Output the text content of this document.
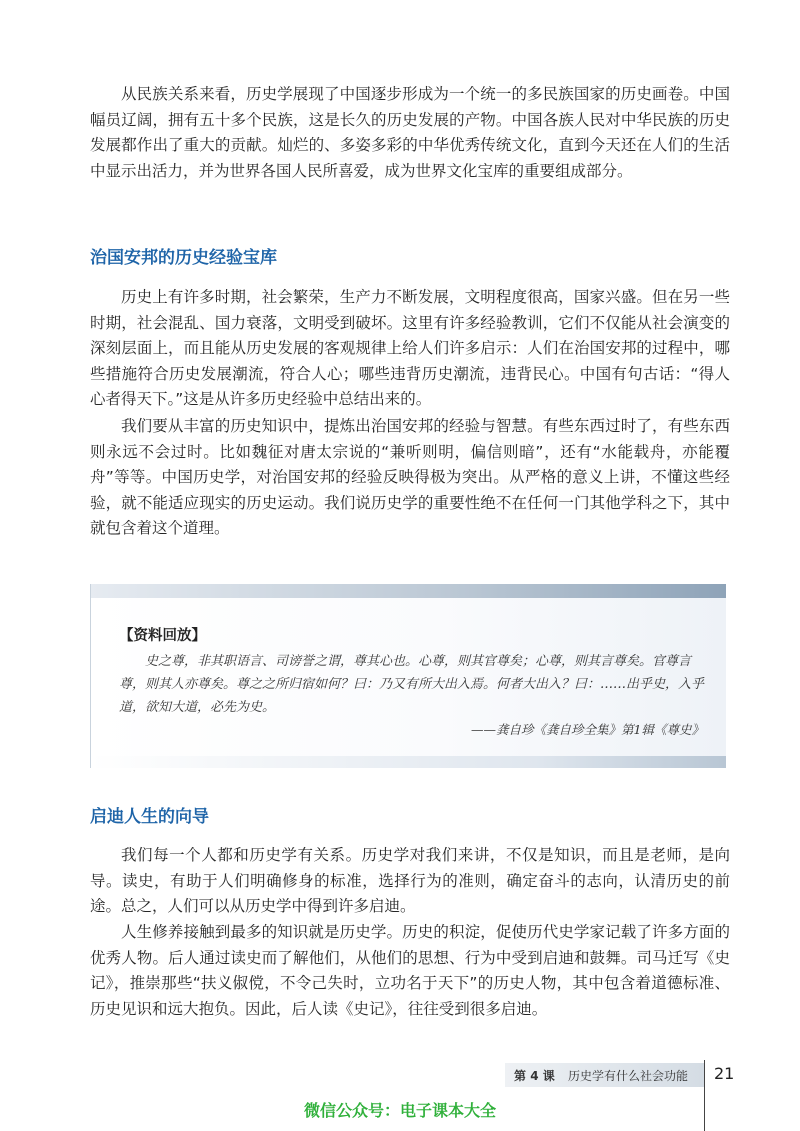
从民族关系来看，历史学展现了中国逐步形成为一个统一的多民族国家的历史画卷。中国幅员辽阔，拥有五十多个民族，这是长久的历史发展的产物。中国各族人民对中华民族的历史发展都作出了重大的贡献。灿烂的、多姿多彩的中华优秀传统文化，直到今天还在人们的生活中显示出活力，并为世界各国人民所喜爱，成为世界文化宝库的重要组成部分。

治国安邦的历史经验宝库

历史上有许多时期，社会繁荣，生产力不断发展，文明程度很高，国家兴盛。但在另一些时期，社会混乱、国力衰落，文明受到破坏。这里有许多经验教训，它们不仅能从社会演变的深刻层面上，而且能从历史发展的客观规律上给人们许多启示：人们在治国安邦的过程中，哪些措施符合历史发展潮流，符合人心；哪些违背历史潮流，违背民心。中国有句古话：“得人心者得天下。”这是从许多历史经验中总结出来的。

我们要从丰富的历史知识中，提炼出治国安邦的经验与智慧。有些东西过时了，有些东西则永远不会过时。比如魏征对唐太宗说的“兼听则明，偏信则暗”，还有“水能载舟，亦能覆舟”等等。中国历史学，对治国安邦的经验反映得极为突出。从严格的意义上讲，不懂这些经验，就不能适应现实的历史运动。我们说历史学的重要性绝不在任何一门其他学科之下，其中就包含着这个道理。

【资料回放】

史之尊，非其职语言、司谤誉之谓，尊其心也。心尊，则其官尊矣；心尊，则其言尊矣。官尊言尊，则其人亦尊矣。尊之之所归宿如何？曰：乃又有所大出入焉。何者大出入？曰：……出乎史，入乎道，欲知大道，必先为史。

——龚自珍《龚自珍全集》第1辑《尊史》

启迪人生的向导

我们每一个人都和历史学有关系。历史学对我们来讲，不仅是知识，而且是老师，是向导。读史，有助于人们明确修身的标准，选择行为的准则，确定奋斗的志向，认清历史的前途。总之，人们可以从历史学中得到许多启迪。

人生修养接触到最多的知识就是历史学。历史的积淀，促使历代史学家记载了许多方面的优秀人物。后人通过读史而了解他们，从他们的思想、行为中受到启迪和鼓舞。司马迁写《史记》，推崇那些“扶义俶傥，不令己失时，立功名于天下”的历史人物，其中包含着道德标准、历史见识和远大抱负。因此，后人读《史记》，往往受到很多启迪。

第 4 课 历史学有什么社会功能 21
微信公众号：电子课本大全
